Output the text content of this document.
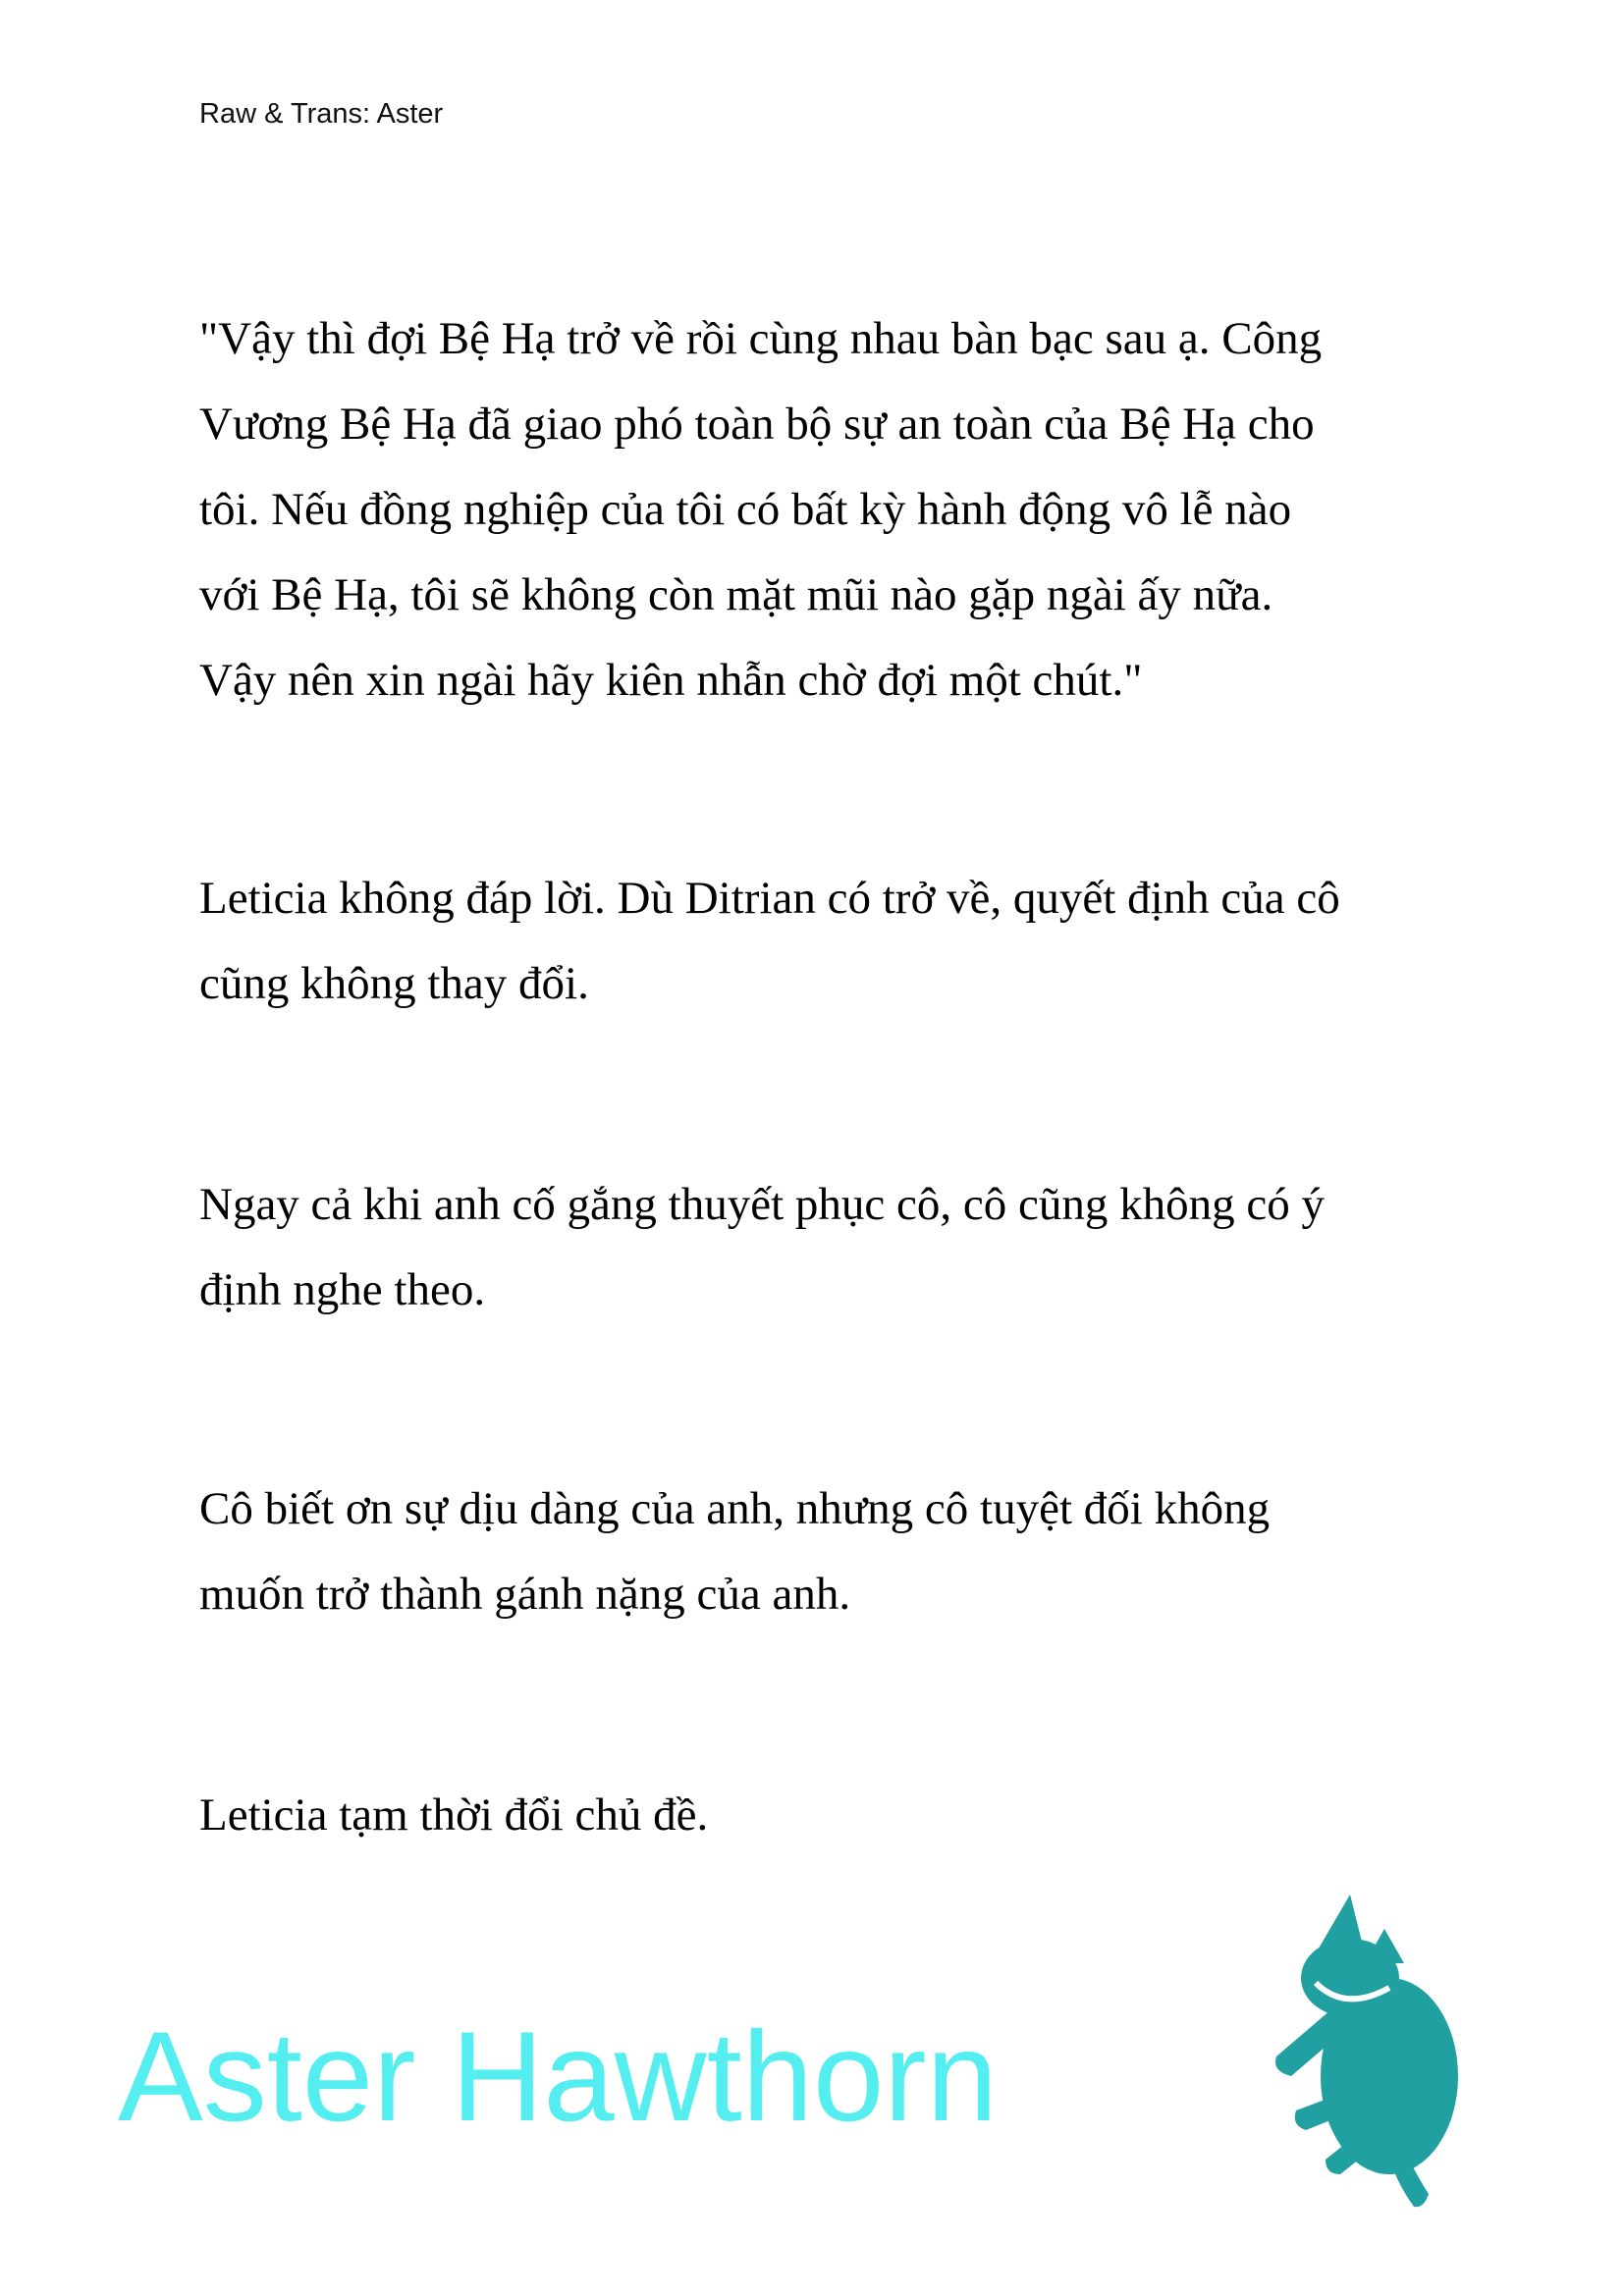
Raw & Trans: Aster
"Vậy thì đợi Bệ Hạ trở về rồi cùng nhau bàn bạc sau ạ. Công
Vương Bệ Hạ đã giao phó toàn bộ sự an toàn của Bệ Hạ cho
tôi. Nếu đồng nghiệp của tôi có bất kỳ hành động vô lễ nào
với Bệ Hạ, tôi sẽ không còn mặt mũi nào gặp ngài ấy nữa.
Vậy nên xin ngài hãy kiên nhẫn chờ đợi một chút."
Leticia không đáp lời. Dù Ditrian có trở về, quyết định của cô
cũng không thay đổi.
Ngay cả khi anh cố gắng thuyết phục cô, cô cũng không có ý
định nghe theo.
Cô biết ơn sự dịu dàng của anh, nhưng cô tuyệt đối không
muốn trở thành gánh nặng của anh.
Leticia tạm thời đổi chủ đề.
Aster Hawthorn
